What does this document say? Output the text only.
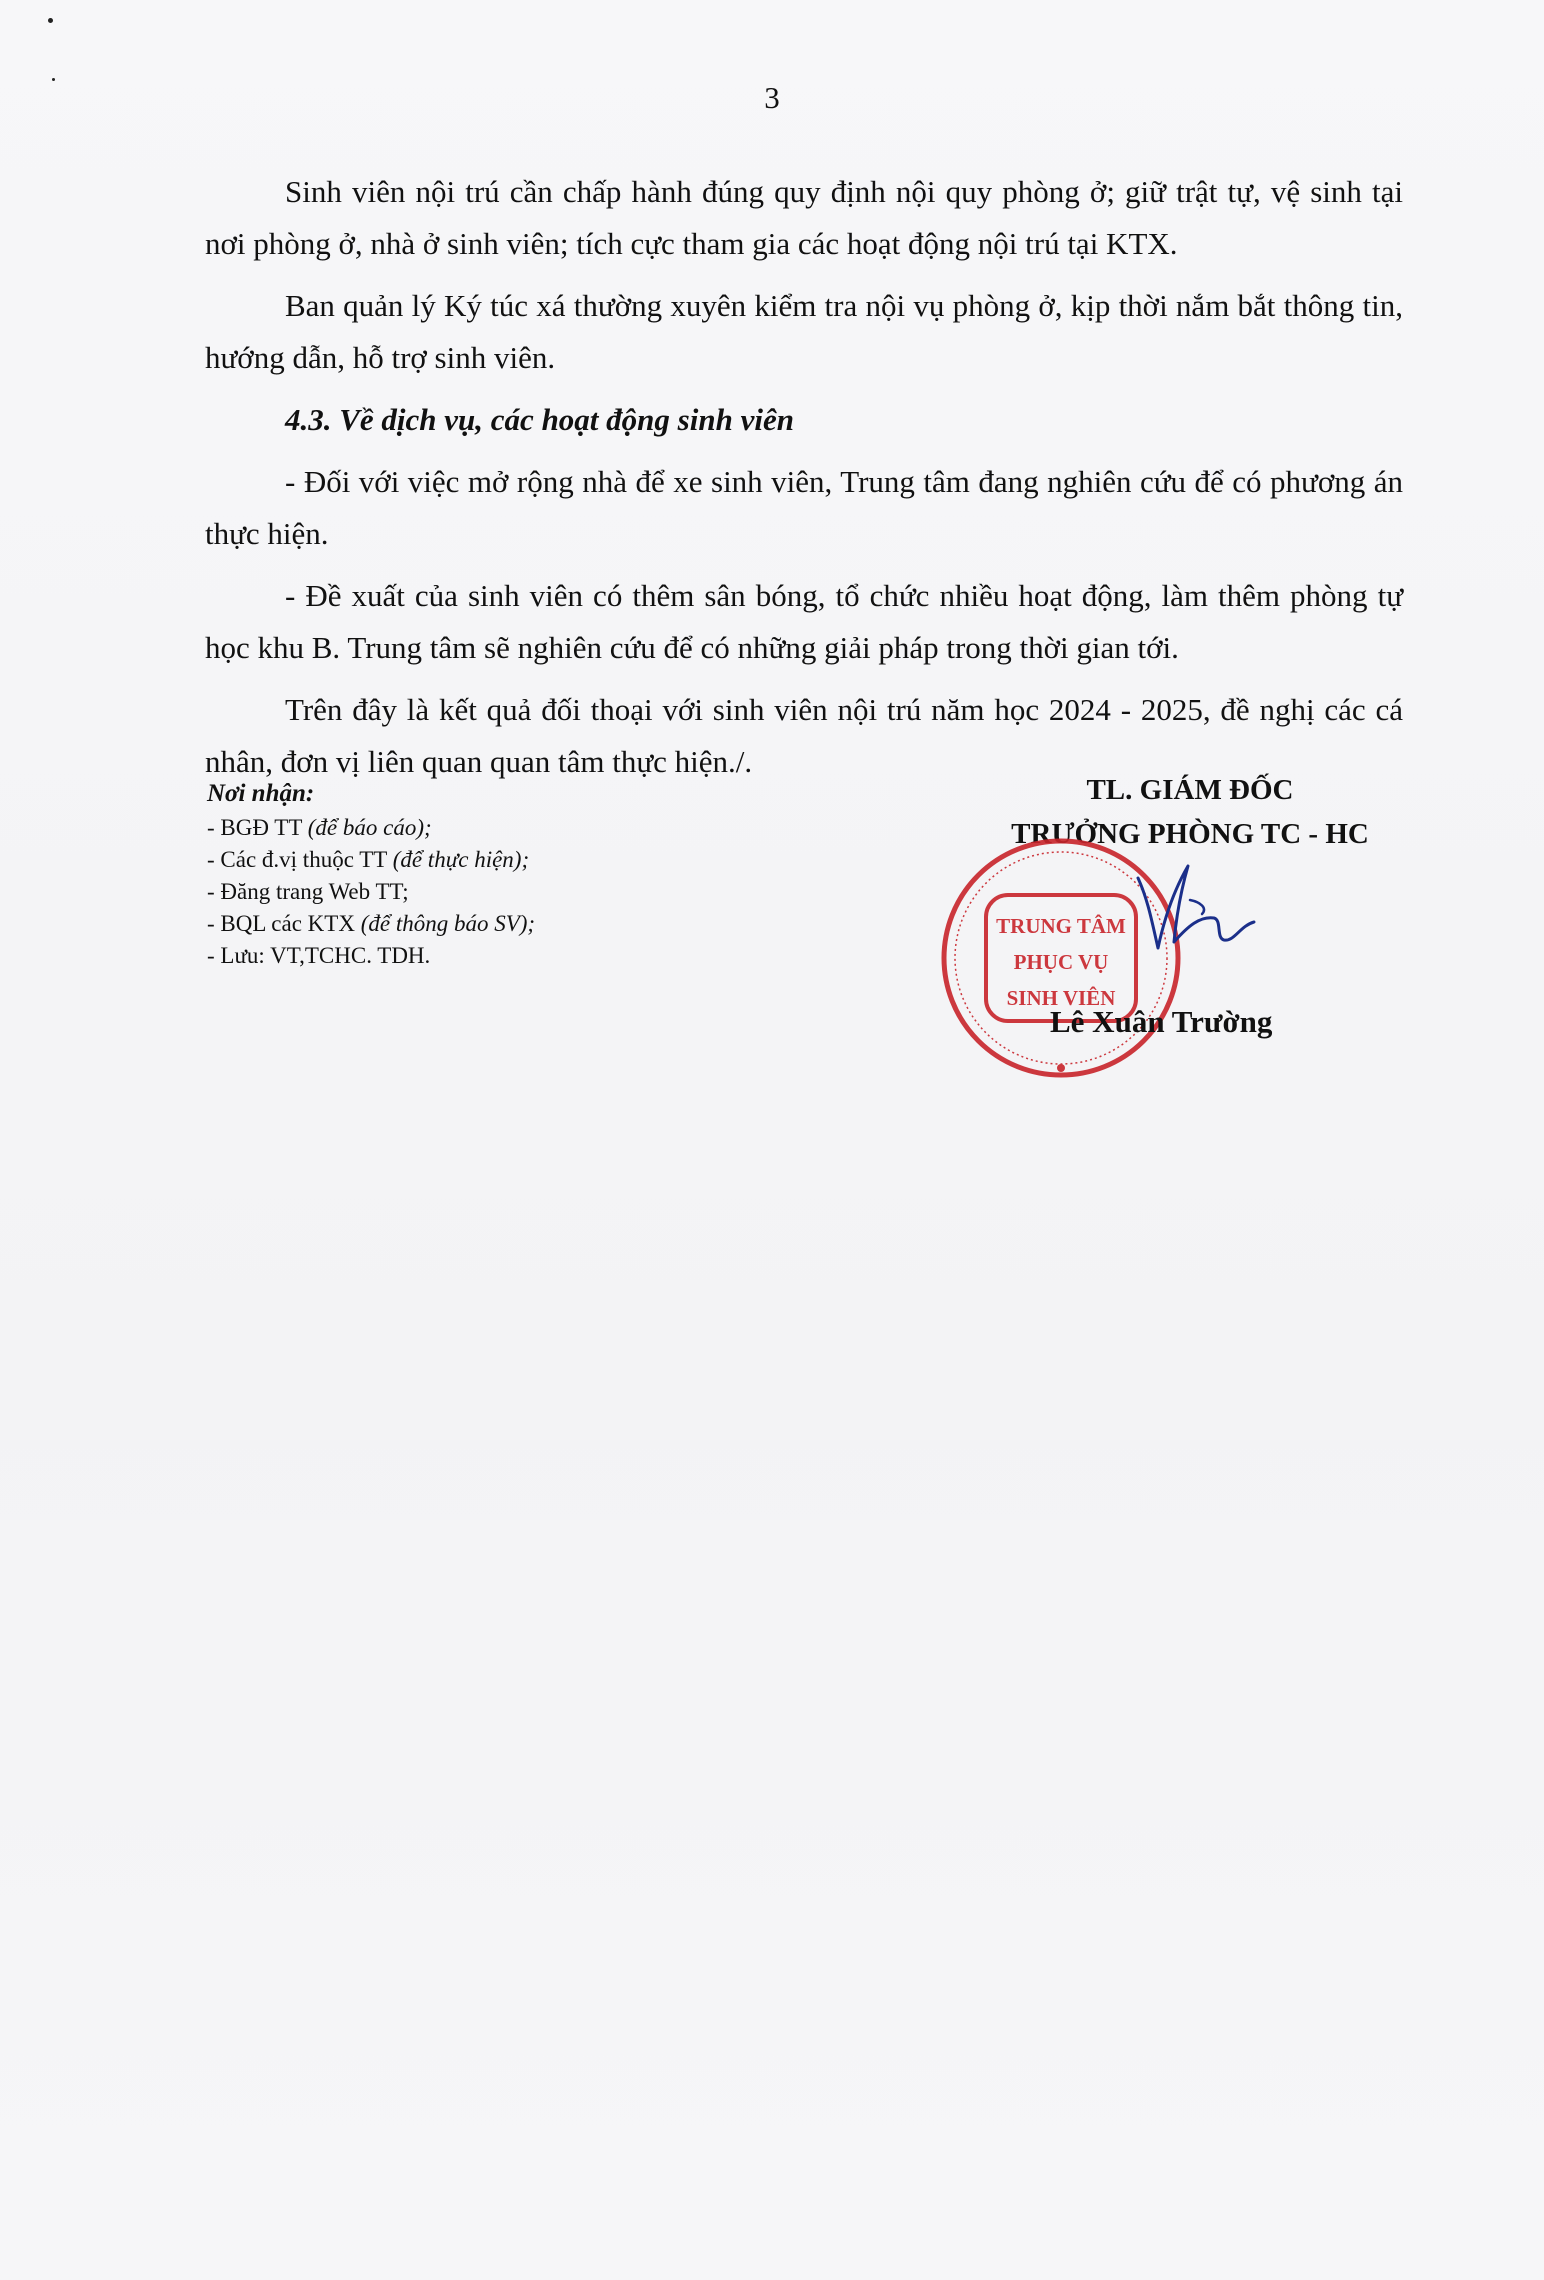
3

Sinh viên nội trú cần chấp hành đúng quy định nội quy phòng ở; giữ trật tự, vệ sinh tại nơi phòng ở, nhà ở sinh viên; tích cực tham gia các hoạt động nội trú tại KTX.

Ban quản lý Ký túc xá thường xuyên kiểm tra nội vụ phòng ở, kịp thời nắm bắt thông tin, hướng dẫn, hỗ trợ sinh viên.

4.3. Về dịch vụ, các hoạt động sinh viên

- Đối với việc mở rộng nhà để xe sinh viên, Trung tâm đang nghiên cứu để có phương án thực hiện.

- Đề xuất của sinh viên có thêm sân bóng, tổ chức nhiều hoạt động, làm thêm phòng tự học khu B. Trung tâm sẽ nghiên cứu để có những giải pháp trong thời gian tới.

Trên đây là kết quả đối thoại với sinh viên nội trú năm học 2024 - 2025, đề nghị các cá nhân, đơn vị liên quan quan tâm thực hiện./.

Nơi nhận:
- BGĐ TT (để báo cáo);
- Các đ.vị thuộc TT (để thực hiện);
- Đăng trang Web TT;
- BQL các KTX (để thông báo SV);
- Lưu: VT,TCHC. TDH.
TL. GIÁM ĐỐC
TRƯỞNG PHÒNG TC - HC
TRUNG TÂM
PHỤC VỤ
SINH VIÊN
Lê Xuân Trường
